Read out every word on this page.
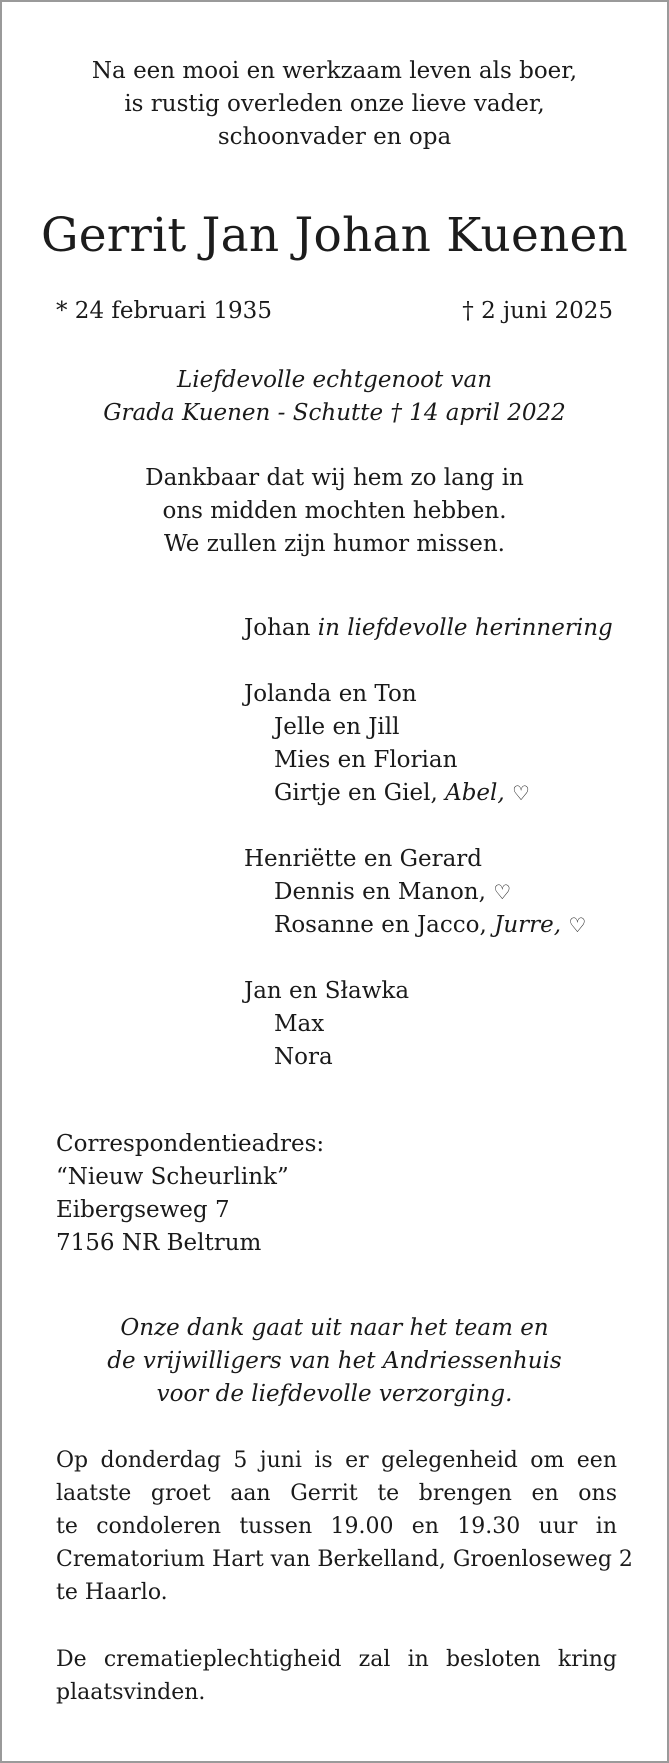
Na een mooi en werkzaam leven als boer,
is rustig overleden onze lieve vader,
schoonvader en opa
Gerrit Jan Johan Kuenen
* 24 februari 1935	† 2 juni 2025
Liefdevolle echtgenoot van
Grada Kuenen - Schutte † 14 april 2022
Dankbaar dat wij hem zo lang in
ons midden mochten hebben.
We zullen zijn humor missen.
Johan in liefdevolle herinnering
Jolanda en Ton
Jelle en Jill
Mies en Florian
Girtje en Giel, Abel, ♡
Henriëtte en Gerard
Dennis en Manon, ♡
Rosanne en Jacco, Jurre, ♡
Jan en Sławka
Max
Nora
Correspondentieadres:
“Nieuw Scheurlink”
Eibergseweg 7
7156 NR Beltrum
Onze dank gaat uit naar het team en
de vrijwilligers van het Andriessenhuis
voor de liefdevolle verzorging.
Op donderdag 5 juni is er gelegenheid om een
laatste groet aan Gerrit te brengen en ons
te condoleren tussen 19.00 en 19.30 uur in
Crematorium Hart van Berkelland, Groenloseweg 2
te Haarlo.
De crematieplechtigheid zal in besloten kring
plaatsvinden.
